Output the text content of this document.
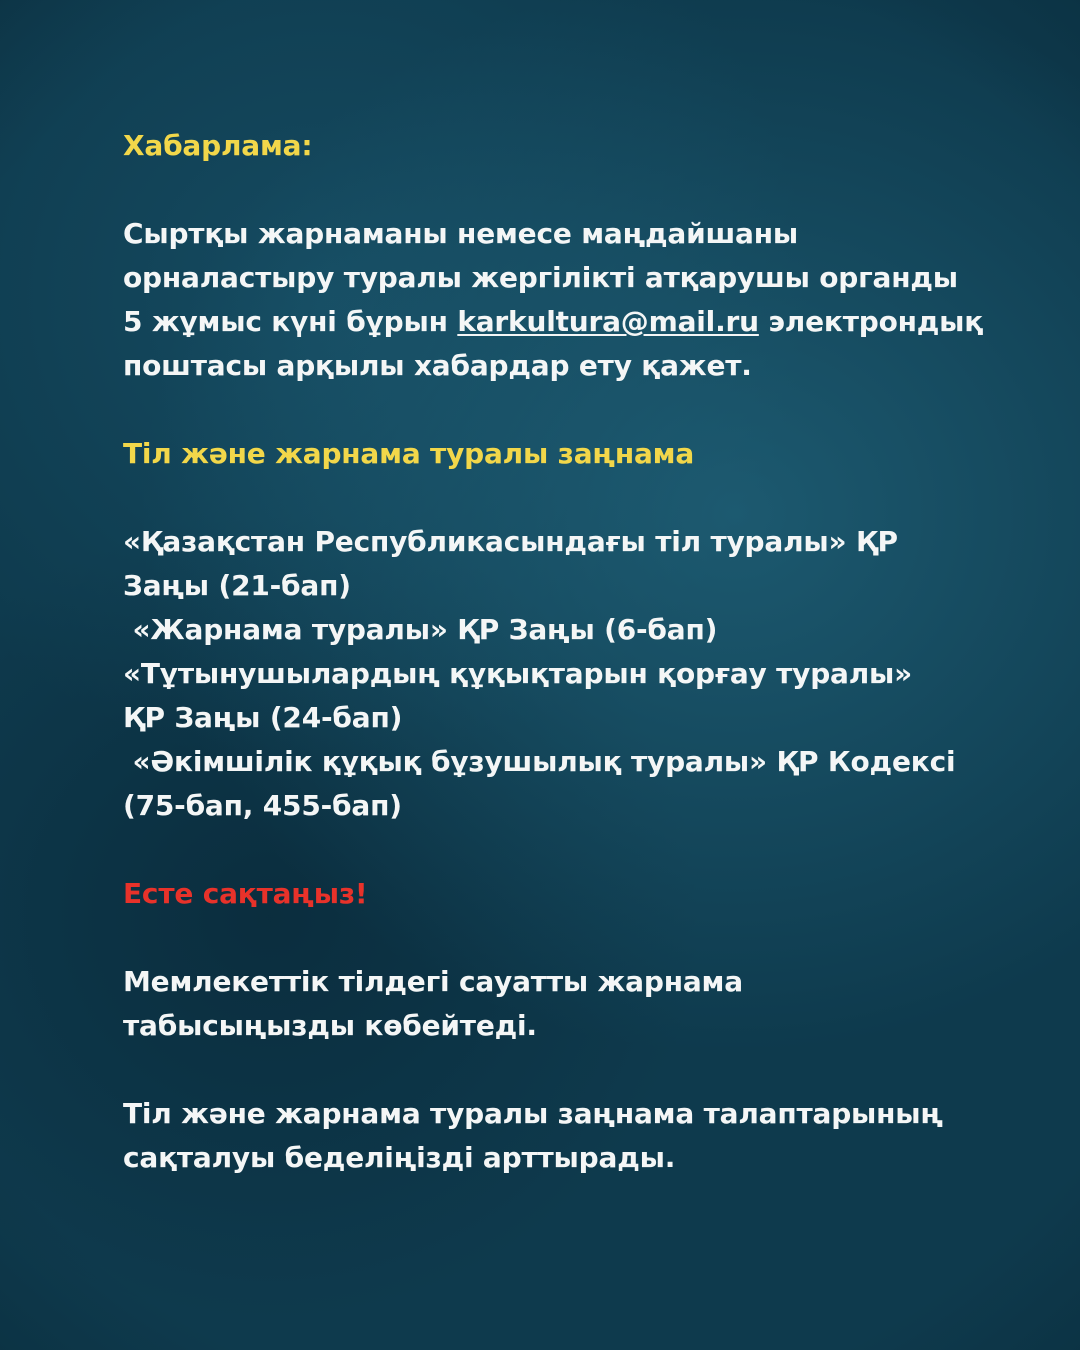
Хабарлама:
Сыртқы жарнаманы немесе маңдайшаны
орналастыру туралы жергілікті атқарушы органды
5 жұмыс күні бұрын karkultura@mail.ru электрондық
поштасы арқылы хабардар ету қажет.
Тіл және жарнама туралы заңнама
«Қазақстан Республикасындағы тіл туралы» ҚР
Заңы (21-бап)
«Жарнама туралы» ҚР Заңы (6-бап)
«Тұтынушылардың құқықтарын қорғау туралы»
ҚР Заңы (24-бап)
«Әкімшілік құқық бұзушылық туралы» ҚР Кодексі
(75-бап, 455-бап)
Есте сақтаңыз!
Мемлекеттік тілдегі сауатты жарнама
табысыңызды көбейтеді.
Тіл және жарнама туралы заңнама талаптарының
сақталуы беделіңізді арттырады.
